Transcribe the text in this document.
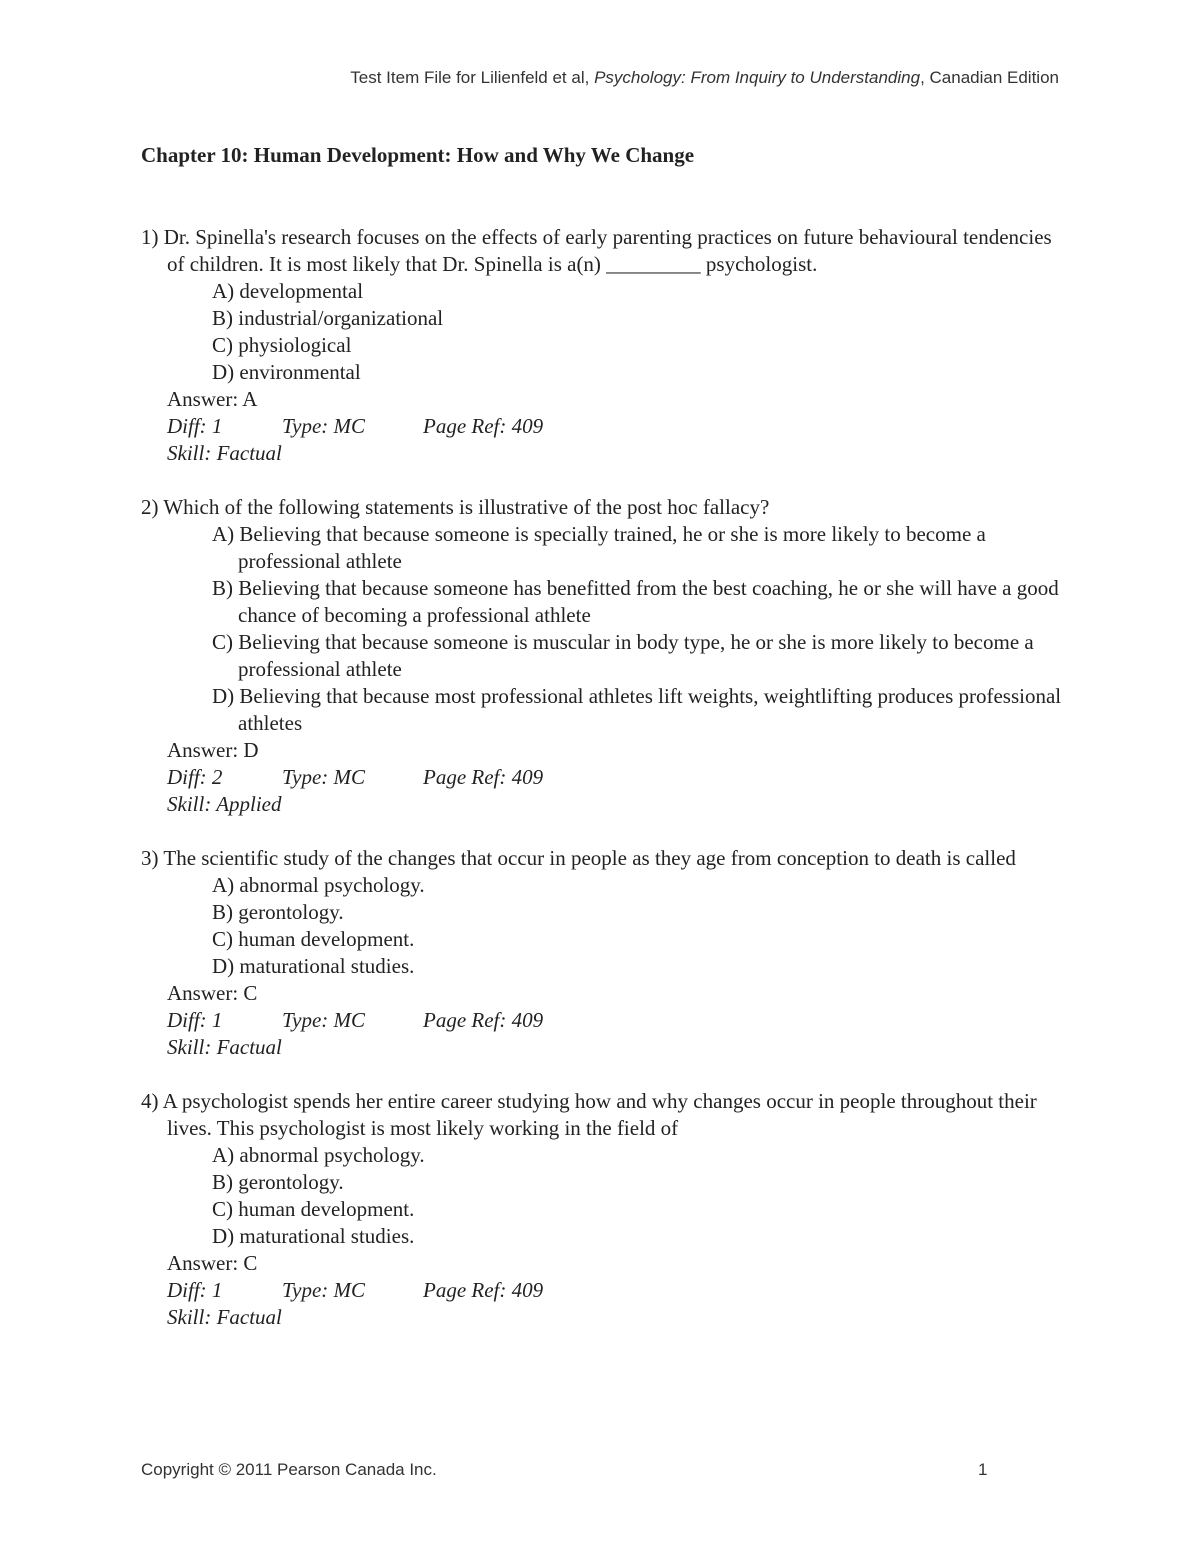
Test Item File for Lilienfeld et al, Psychology: From Inquiry to Understanding, Canadian Edition
Chapter 10: Human Development: How and Why We Change
1) Dr. Spinella's research focuses on the effects of early parenting practices on future behavioural tendencies of children. It is most likely that Dr. Spinella is a(n) _________ psychologist.
A) developmental
B) industrial/organizational
C) physiological
D) environmental
Answer: A
Diff: 1	Type: MC	Page Ref: 409
Skill: Factual
2) Which of the following statements is illustrative of the post hoc fallacy?
A) Believing that because someone is specially trained, he or she is more likely to become a professional athlete
B) Believing that because someone has benefitted from the best coaching, he or she will have a good chance of becoming a professional athlete
C) Believing that because someone is muscular in body type, he or she is more likely to become a professional athlete
D) Believing that because most professional athletes lift weights, weightlifting produces professional athletes
Answer: D
Diff: 2	Type: MC	Page Ref: 409
Skill: Applied
3) The scientific study of the changes that occur in people as they age from conception to death is called
A) abnormal psychology.
B) gerontology.
C) human development.
D) maturational studies.
Answer: C
Diff: 1	Type: MC	Page Ref: 409
Skill: Factual
4) A psychologist spends her entire career studying how and why changes occur in people throughout their lives. This psychologist is most likely working in the field of
A) abnormal psychology.
B) gerontology.
C) human development.
D) maturational studies.
Answer: C
Diff: 1	Type: MC	Page Ref: 409
Skill: Factual
Copyright © 2011 Pearson Canada Inc.	1
